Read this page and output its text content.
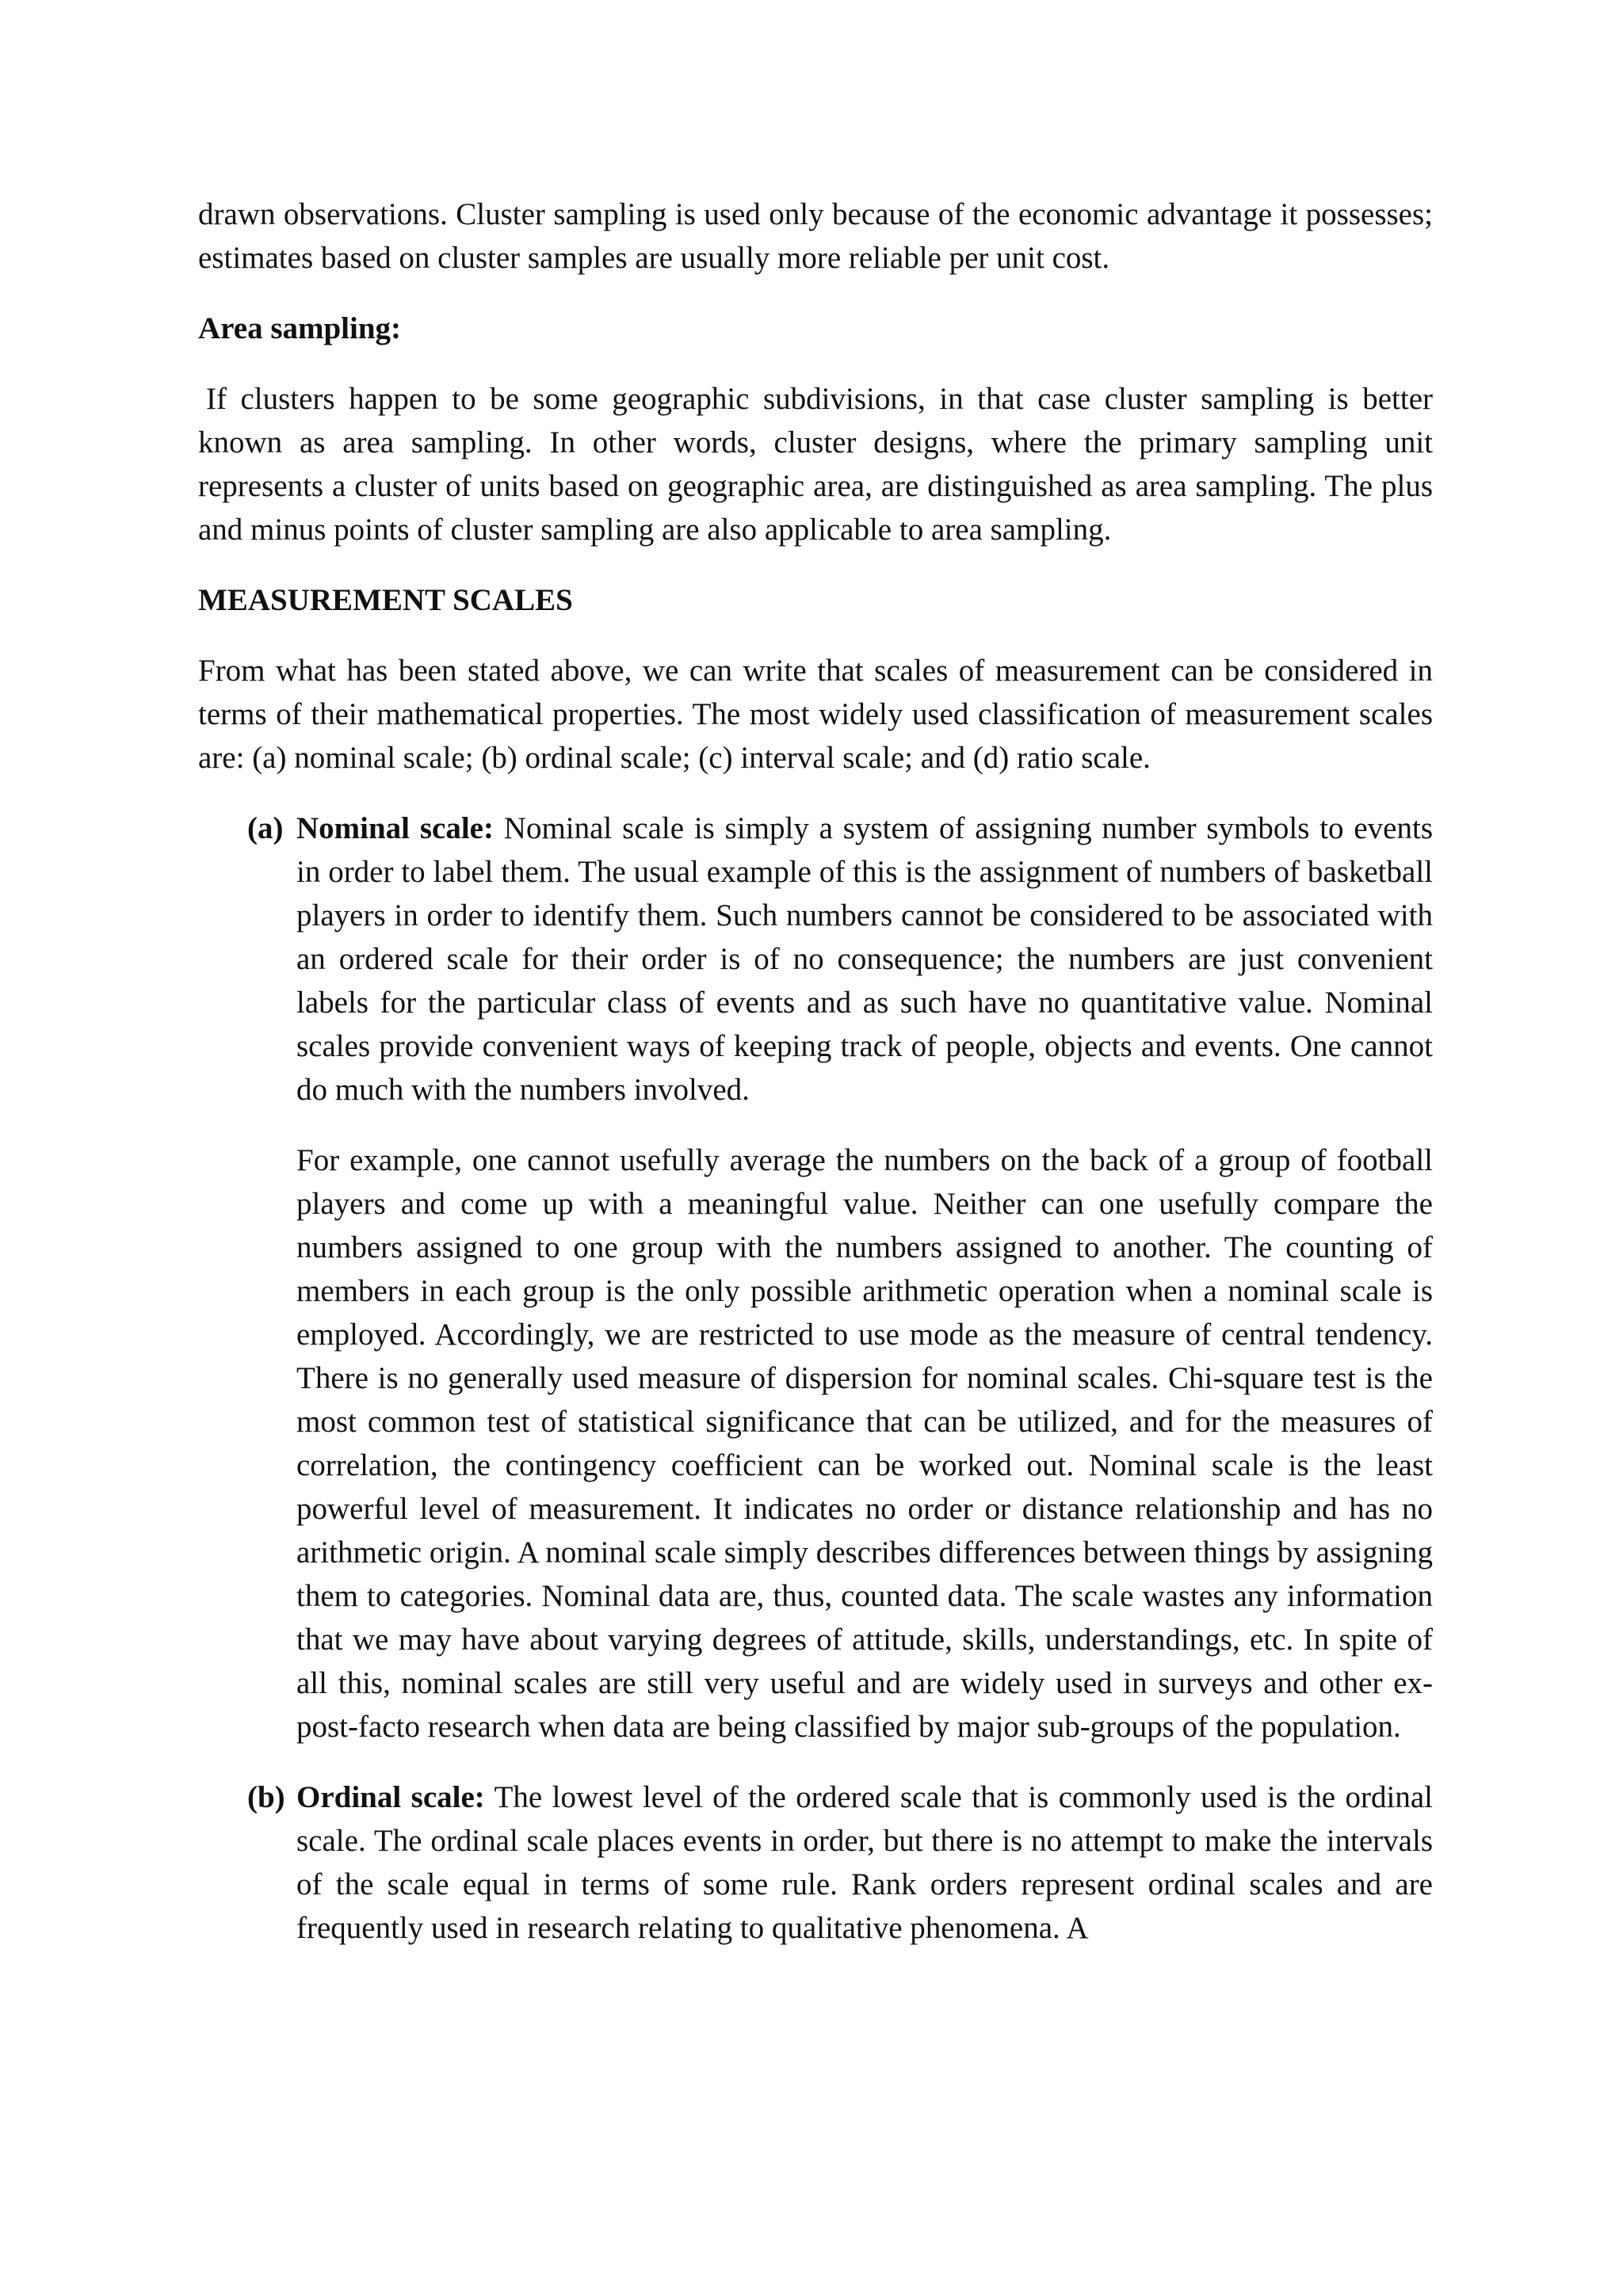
drawn observations. Cluster sampling is used only because of the economic advantage it possesses; estimates based on cluster samples are usually more reliable per unit cost.

Area sampling:

If clusters happen to be some geographic subdivisions, in that case cluster sampling is better known as area sampling. In other words, cluster designs, where the primary sampling unit represents a cluster of units based on geographic area, are distinguished as area sampling. The plus and minus points of cluster sampling are also applicable to area sampling.

MEASUREMENT SCALES

From what has been stated above, we can write that scales of measurement can be considered in terms of their mathematical properties. The most widely used classification of measurement scales are: (a) nominal scale; (b) ordinal scale; (c) interval scale; and (d) ratio scale.

(a) Nominal scale: Nominal scale is simply a system of assigning number symbols to events in order to label them. The usual example of this is the assignment of numbers of basketball players in order to identify them. Such numbers cannot be considered to be associated with an ordered scale for their order is of no consequence; the numbers are just convenient labels for the particular class of events and as such have no quantitative value. Nominal scales provide convenient ways of keeping track of people, objects and events. One cannot do much with the numbers involved.

For example, one cannot usefully average the numbers on the back of a group of football players and come up with a meaningful value. Neither can one usefully compare the numbers assigned to one group with the numbers assigned to another. The counting of members in each group is the only possible arithmetic operation when a nominal scale is employed. Accordingly, we are restricted to use mode as the measure of central tendency. There is no generally used measure of dispersion for nominal scales. Chi-square test is the most common test of statistical significance that can be utilized, and for the measures of correlation, the contingency coefficient can be worked out. Nominal scale is the least powerful level of measurement. It indicates no order or distance relationship and has no arithmetic origin. A nominal scale simply describes differences between things by assigning them to categories. Nominal data are, thus, counted data. The scale wastes any information that we may have about varying degrees of attitude, skills, understandings, etc. In spite of all this, nominal scales are still very useful and are widely used in surveys and other ex-post-facto research when data are being classified by major sub-groups of the population.

(b) Ordinal scale: The lowest level of the ordered scale that is commonly used is the ordinal scale. The ordinal scale places events in order, but there is no attempt to make the intervals of the scale equal in terms of some rule. Rank orders represent ordinal scales and are frequently used in research relating to qualitative phenomena. A
